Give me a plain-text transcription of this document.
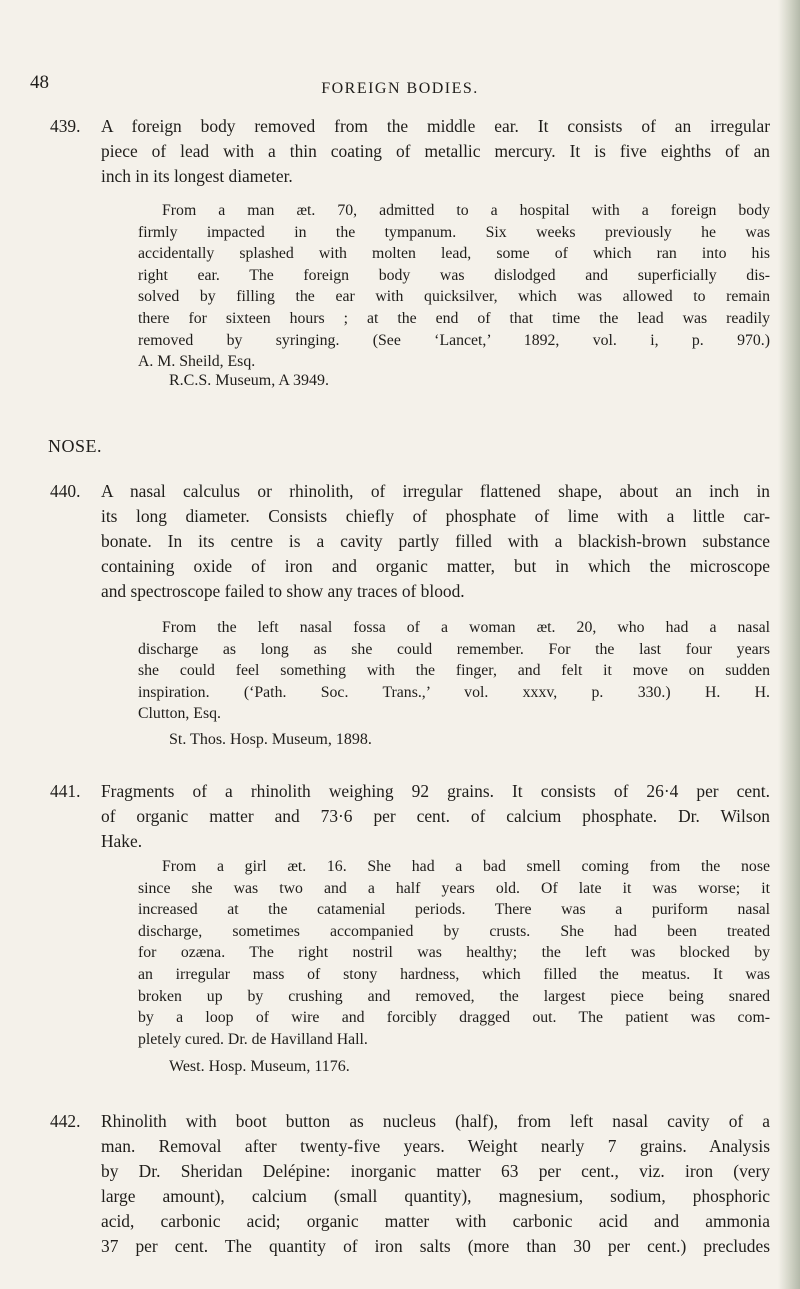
48	FOREIGN BODIES.
439.	A foreign body removed from the middle ear. It consists of an irregular
piece of lead with a thin coating of metallic mercury. It is five eighths of an
inch in its longest diameter.
From a man æt. 70, admitted to a hospital with a foreign body
firmly impacted in the tympanum. Six weeks previously he was
accidentally splashed with molten lead, some of which ran into his
right ear. The foreign body was dislodged and superficially dis-
solved by filling the ear with quicksilver, which was allowed to remain
there for sixteen hours ; at the end of that time the lead was readily
removed by syringing. (See ‘Lancet,’ 1892, vol. i, p. 970.)
A. M. Sheild, Esq.
R.C.S. Museum, A 3949.
NOSE.
440.	A nasal calculus or rhinolith, of irregular flattened shape, about an inch in
its long diameter. Consists chiefly of phosphate of lime with a little car-
bonate. In its centre is a cavity partly filled with a blackish-brown substance
containing oxide of iron and organic matter, but in which the microscope
and spectroscope failed to show any traces of blood.
From the left nasal fossa of a woman æt. 20, who had a nasal
discharge as long as she could remember. For the last four years
she could feel something with the finger, and felt it move on sudden
inspiration. (‘Path. Soc. Trans.,’ vol. xxxv, p. 330.) H. H.
Clutton, Esq.
St. Thos. Hosp. Museum, 1898.
441.	Fragments of a rhinolith weighing 92 grains. It consists of 26·4 per cent.
of organic matter and 73·6 per cent. of calcium phosphate. Dr. Wilson
Hake.
From a girl æt. 16. She had a bad smell coming from the nose
since she was two and a half years old. Of late it was worse; it
increased at the catamenial periods. There was a puriform nasal
discharge, sometimes accompanied by crusts. She had been treated
for ozæna. The right nostril was healthy; the left was blocked by
an irregular mass of stony hardness, which filled the meatus. It was
broken up by crushing and removed, the largest piece being snared
by a loop of wire and forcibly dragged out. The patient was com-
pletely cured. Dr. de Havilland Hall.
West. Hosp. Museum, 1176.
442.	Rhinolith with boot button as nucleus (half), from left nasal cavity of a
man. Removal after twenty-five years. Weight nearly 7 grains. Analysis
by Dr. Sheridan Delépine: inorganic matter 63 per cent., viz. iron (very
large amount), calcium (small quantity), magnesium, sodium, phosphoric
acid, carbonic acid; organic matter with carbonic acid and ammonia
37 per cent. The quantity of iron salts (more than 30 per cent.) precludes
